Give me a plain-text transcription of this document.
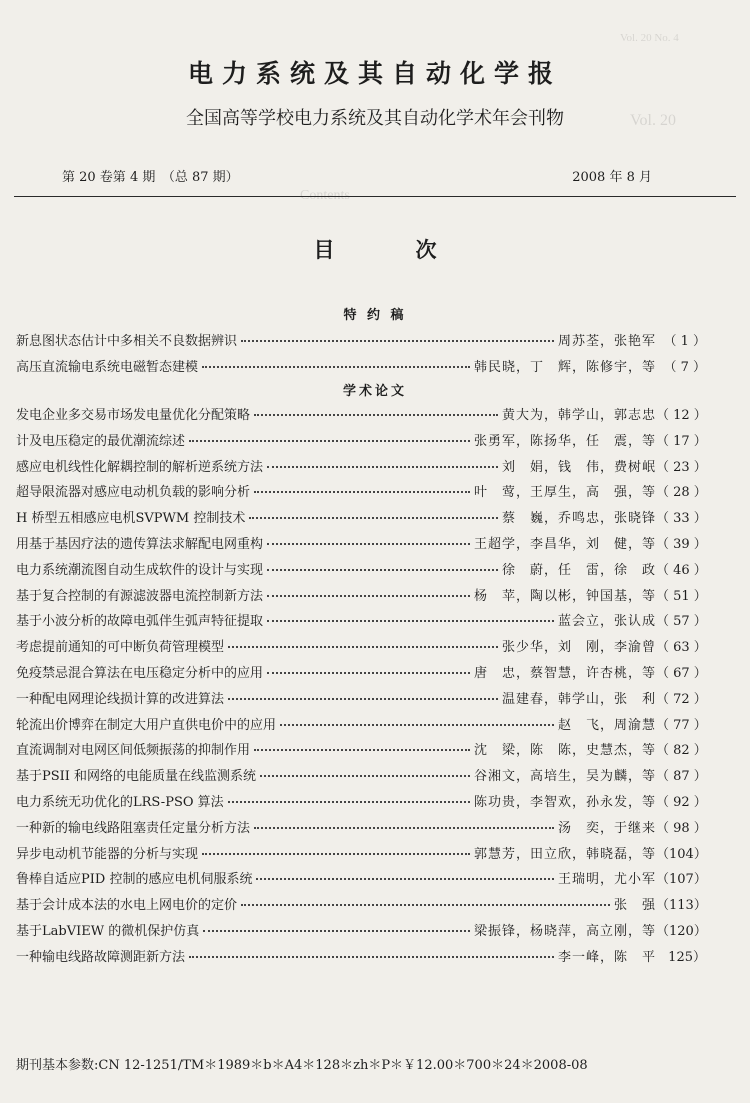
Vol. 20 No. 4
Vol. 20
Contents
电力系统及其自动化学报
全国高等学校电力系统及其自动化学术年会刊物
第 20 卷第 4 期　（总 87 期）	2008 年 8 月
目　次
特 约 稿
学术论文
新息图状态估计中多相关不良数据辨识	周苏荃，张艳军 （ 1 ）
高压直流输电系统电磁暂态建模	韩民晓，丁　辉，陈修宇，等 （ 7 ）
发电企业多交易市场发电量优化分配策略	黄大为，韩学山，郭志忠 （ 12 ）
计及电压稳定的最优潮流综述	张勇军，陈扬华，任　震，等 （ 17 ）
感应电机线性化解耦控制的解析逆系统方法	刘　娟，钱　伟，费树岷 （ 23 ）
超导限流器对感应电动机负载的影响分析	叶　莺，王厚生，高　强，等 （ 28 ）
H 桥型五相感应电机SVPWM 控制技术	蔡　巍，乔鸣忠，张晓锋 （ 33 ）
用基于基因疗法的遗传算法求解配电网重构	王超学，李昌华，刘　健，等 （ 39 ）
电力系统潮流图自动生成软件的设计与实现	徐　蔚，任　雷，徐　政 （ 46 ）
基于复合控制的有源滤波器电流控制新方法	杨　苹，陶以彬，钟国基，等 （ 51 ）
基于小波分析的故障电弧伴生弧声特征提取	蓝会立，张认成 （ 57 ）
考虑提前通知的可中断负荷管理模型	张少华，刘　刚，李渝曾 （ 63 ）
免疫禁忌混合算法在电压稳定分析中的应用	唐　忠，蔡智慧，许杏桃，等 （ 67 ）
一种配电网理论线损计算的改进算法	温建春，韩学山，张　利 （ 72 ）
轮流出价博弈在制定大用户直供电价中的应用	赵　飞，周渝慧 （ 77 ）
直流调制对电网区间低频振荡的抑制作用	沈　梁，陈　陈，史慧杰，等 （ 82 ）
基于PSII 和网络的电能质量在线监测系统	谷湘文，高培生，吴为麟，等 （ 87 ）
电力系统无功优化的LRS-PSO 算法	陈功贵，李智欢，孙永发，等 （ 92 ）
一种新的输电线路阻塞责任定量分析方法	汤　奕，于继来 （ 98 ）
异步电动机节能器的分析与实现	郭慧芳，田立欣，韩晓磊，等 （104）
鲁棒自适应PID 控制的感应电机伺服系统	王瑞明，尤小军 （107）
基于会计成本法的水电上网电价的定价	张　强 （113）
基于LabVIEW 的微机保护仿真	梁振锋，杨晓萍，高立刚，等 （120）
一种输电线路故障测距新方法	李一峰，陈　平 125）
期刊基本参数:CN 12-1251/TM＊1989＊b＊A4＊128＊zh＊P＊￥12.00＊700＊24＊2008-08
